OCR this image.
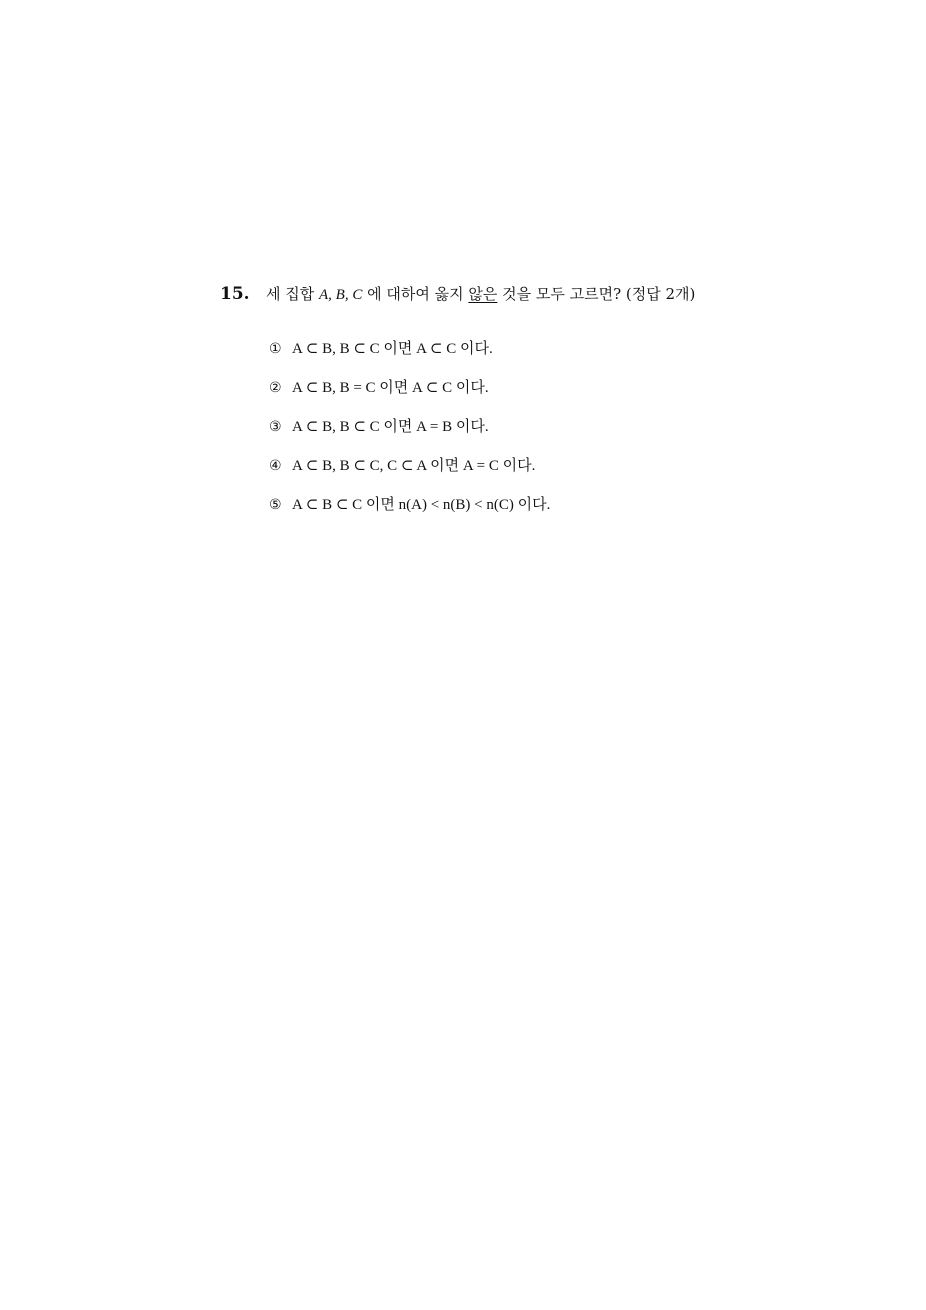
15.	세 집합 A, B, C 에 대하여 옳지 않은 것을 모두 고르면? (정답 2개)
① A ⊂ B, B ⊂ C 이면 A ⊂ C 이다.
② A ⊂ B, B = C 이면 A ⊂ C 이다.
③ A ⊂ B, B ⊂ C 이면 A = B 이다.
④ A ⊂ B, B ⊂ C, C ⊂ A 이면 A = C 이다.
⑤ A ⊂ B ⊂ C 이면 n(A) < n(B) < n(C) 이다.
